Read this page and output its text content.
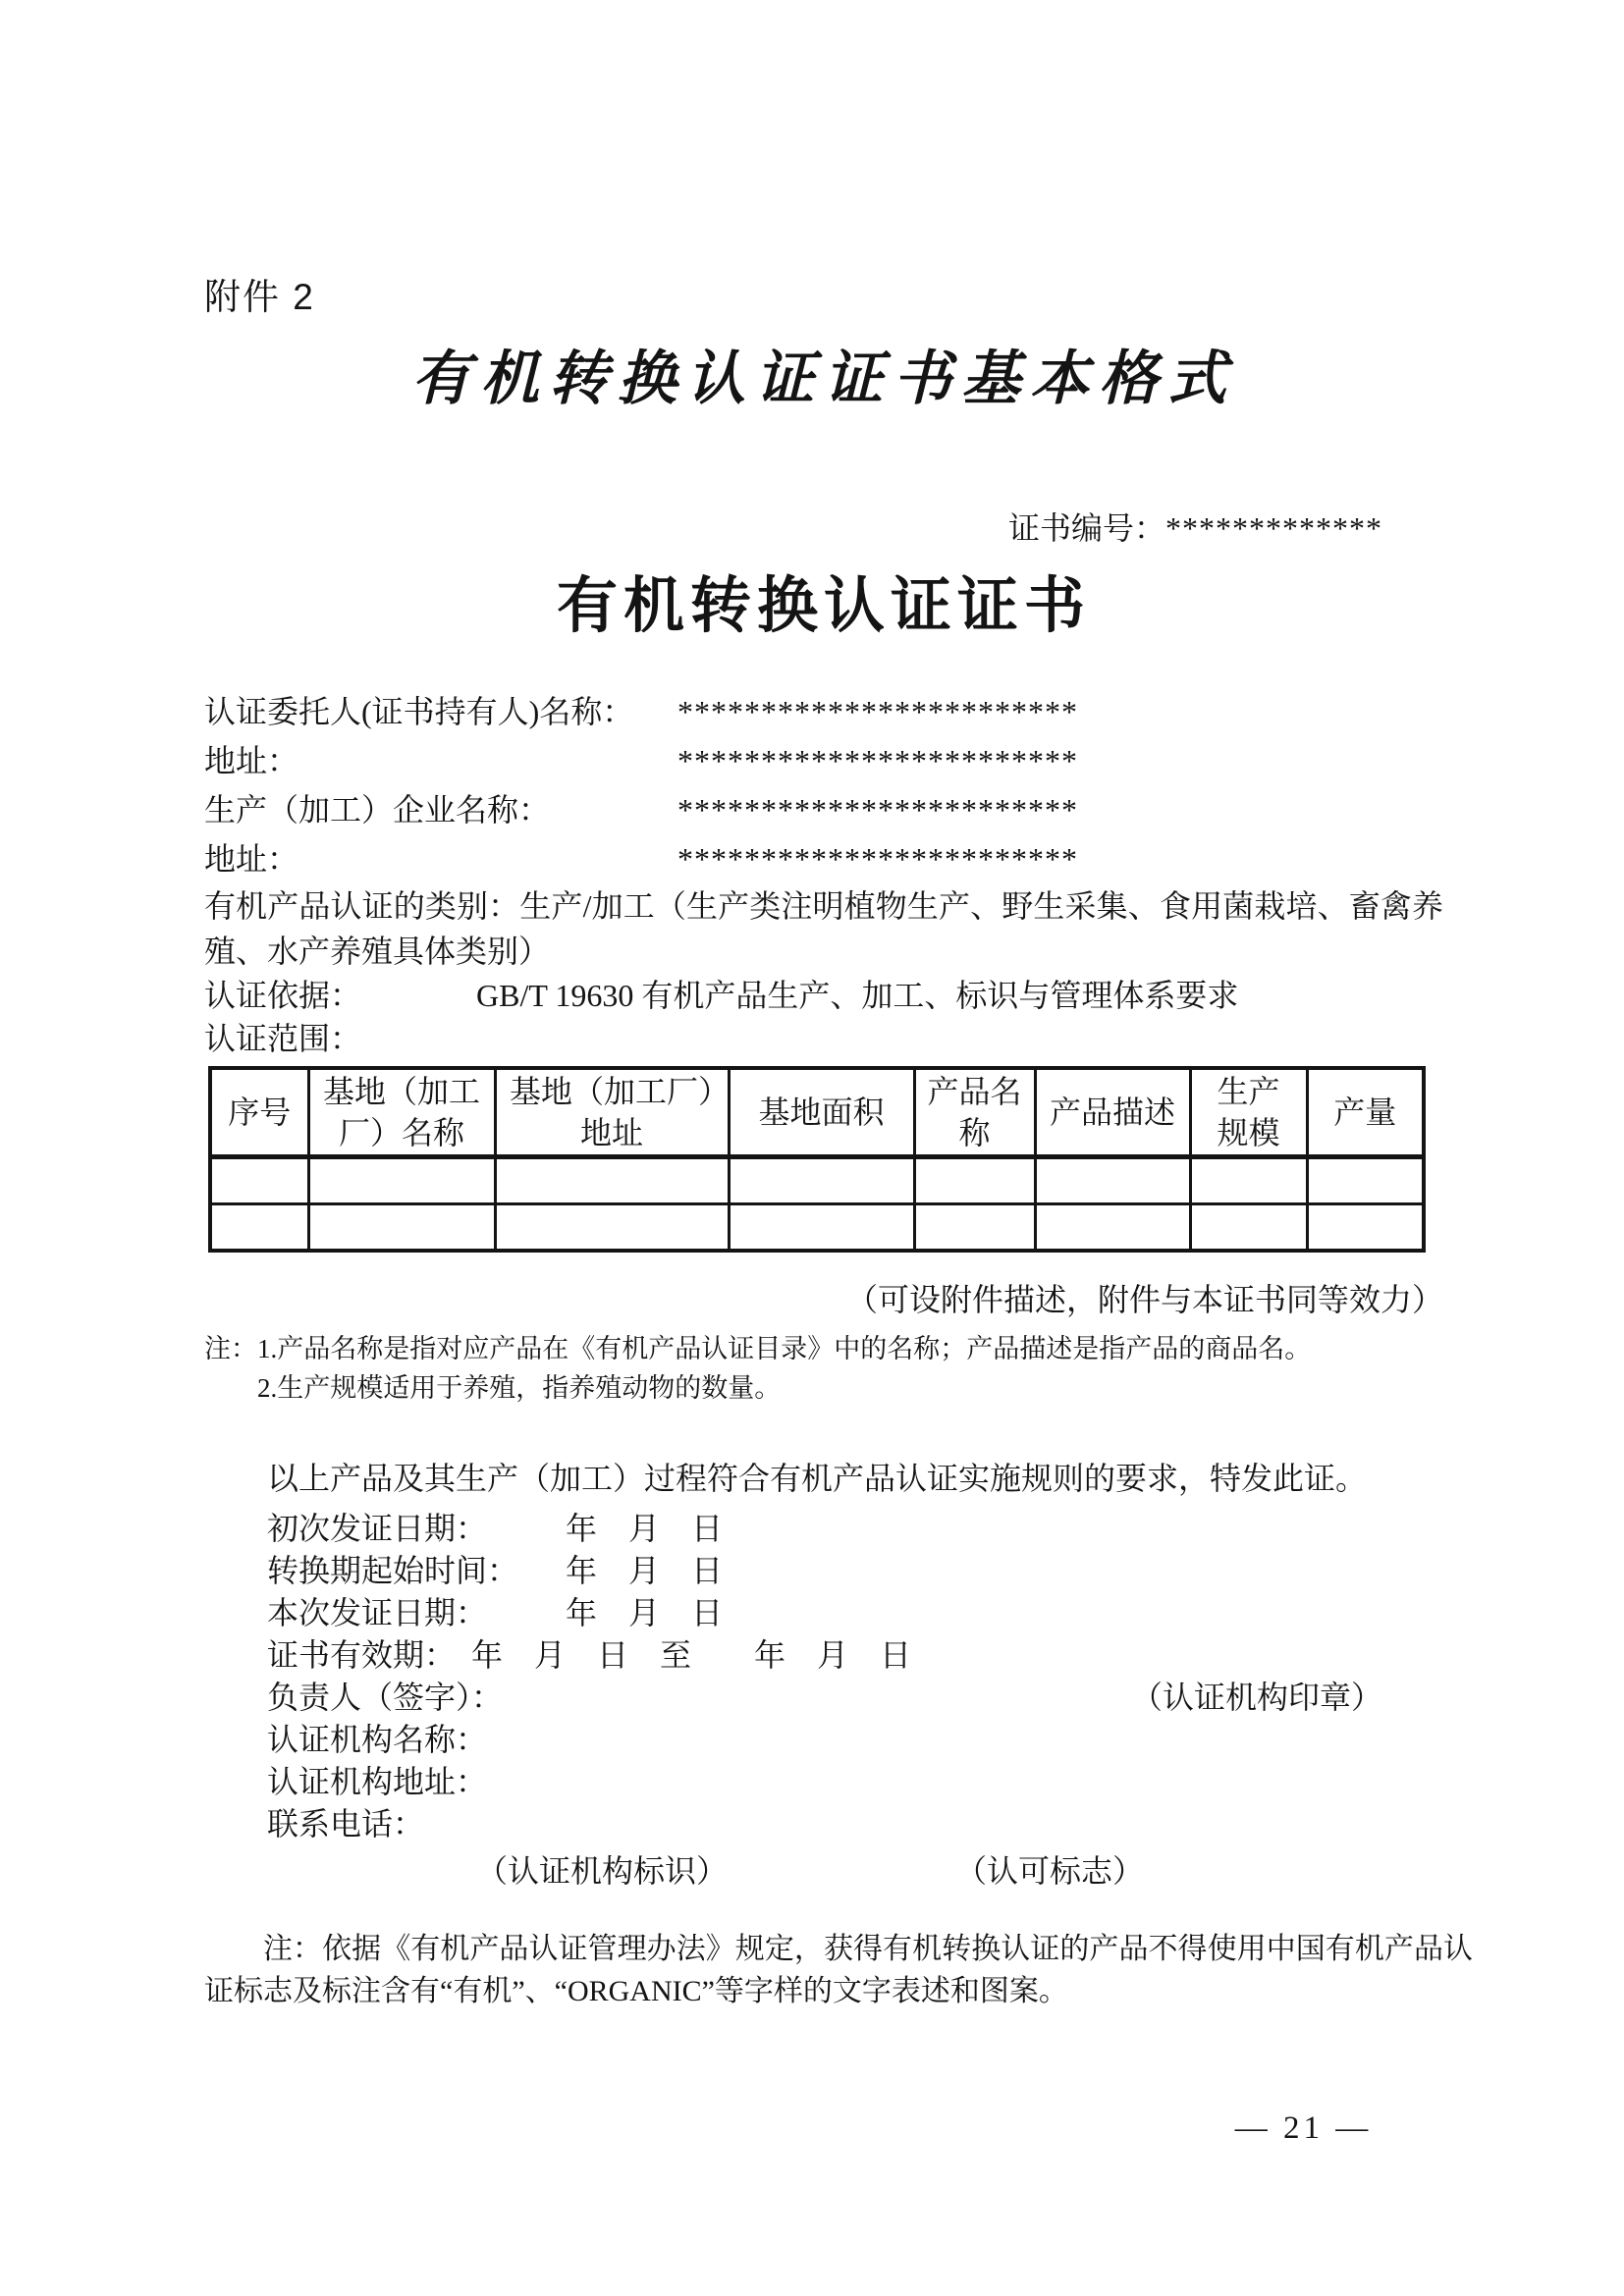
附件 2
有机转换认证证书基本格式
证书编号：*************
有机转换认证证书
认证委托人(证书持有人)名称： ************************
地址：	************************
生产（加工）企业名称：	************************
地址：	************************

有机产品认证的类别：生产/加工（生产类注明植物生产、野生采集、食用菌栽培、畜禽养殖、水产养殖具体类别）

认证依据：	GB/T 19630 有机产品生产、加工、标识与管理体系要求
认证范围：
序号	基地（加工厂）名称	基地（加工厂）地址	基地面积	产品名称	产品描述	生产规模	产量

（可设附件描述，附件与本证书同等效力）
注： 1.产品名称是指对应产品在《有机产品认证目录》中的名称；产品描述是指产品的商品名。
2.生产规模适用于养殖，指养殖动物的数量。

以上产品及其生产（加工）过程符合有机产品认证实施规则的要求，特发此证。

初次发证日期：　　　年　月　日
转换期起始时间：　　年　月　日
本次发证日期：　　　年　月　日
证书有效期：　年　月　日　至　　年　月　日
负责人（签字）：	（认证机构印章）
认证机构名称：
认证机构地址：
联系电话：
（认证机构标识）	（认可标志）

注：依据《有机产品认证管理办法》规定，获得有机转换认证的产品不得使用中国有机产品认证标志及标注含有“有机”、“ORGANIC”等字样的文字表述和图案。

— 21 —
